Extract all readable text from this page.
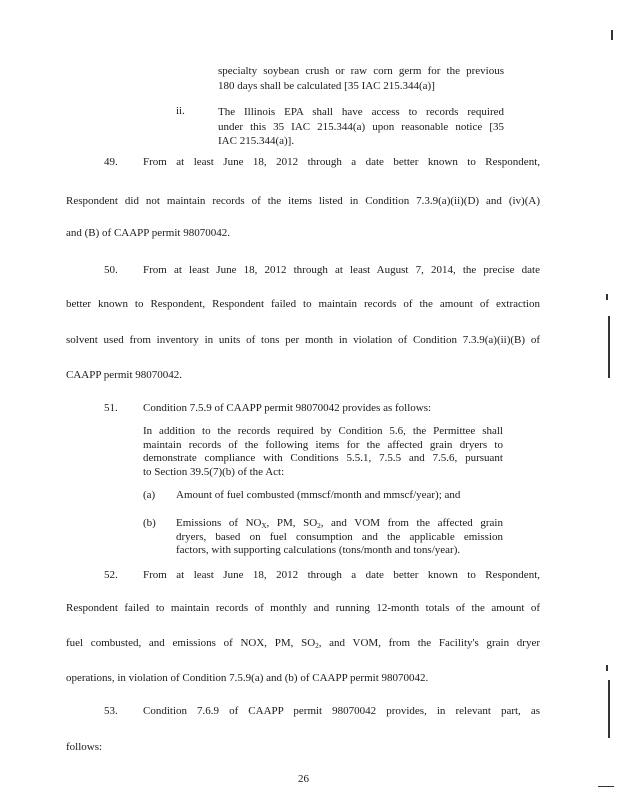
specialty soybean crush or raw corn germ for the previous
180 days shall be calculated [35 IAC 215.344(a)]
ii.	The Illinois EPA shall have access to records required
under this 35 IAC 215.344(a) upon reasonable notice [35
IAC 215.344(a)].
49. From at least June 18, 2012 through a date better known to Respondent,
Respondent did not maintain records of the items listed in Condition 7.3.9(a)(ii)(D) and (iv)(A)
and (B) of CAAPP permit 98070042.
50. From at least June 18, 2012 through at least August 7, 2014, the precise date
better known to Respondent, Respondent failed to maintain records of the amount of extraction
solvent used from inventory in units of tons per month in violation of Condition 7.3.9(a)(ii)(B) of
CAAPP permit 98070042.
51. Condition 7.5.9 of CAAPP permit 98070042 provides as follows:
In addition to the records required by Condition 5.6, the Permittee shall
maintain records of the following items for the affected grain dryers to
demonstrate compliance with Conditions 5.5.1, 7.5.5 and 7.5.6, pursuant
to Section 39.5(7)(b) of the Act:
(a) Amount of fuel combusted (mmscf/month and mmscf/year); and
(b) Emissions of $NO_X$, PM, $SO_2$, and VOM from the affected grain
dryers, based on fuel consumption and the applicable emission
factors, with supporting calculations (tons/month and tons/year).
52. From at least June 18, 2012 through a date better known to Respondent,
Respondent failed to maintain records of monthly and running 12-month totals of the amount of
fuel combusted, and emissions of NOX, PM, $SO_2$, and VOM, from the Facility's grain dryer
operations, in violation of Condition 7.5.9(a) and (b) of CAAPP permit 98070042.
53. Condition 7.6.9 of CAAPP permit 98070042 provides, in relevant part, as
follows:
26
